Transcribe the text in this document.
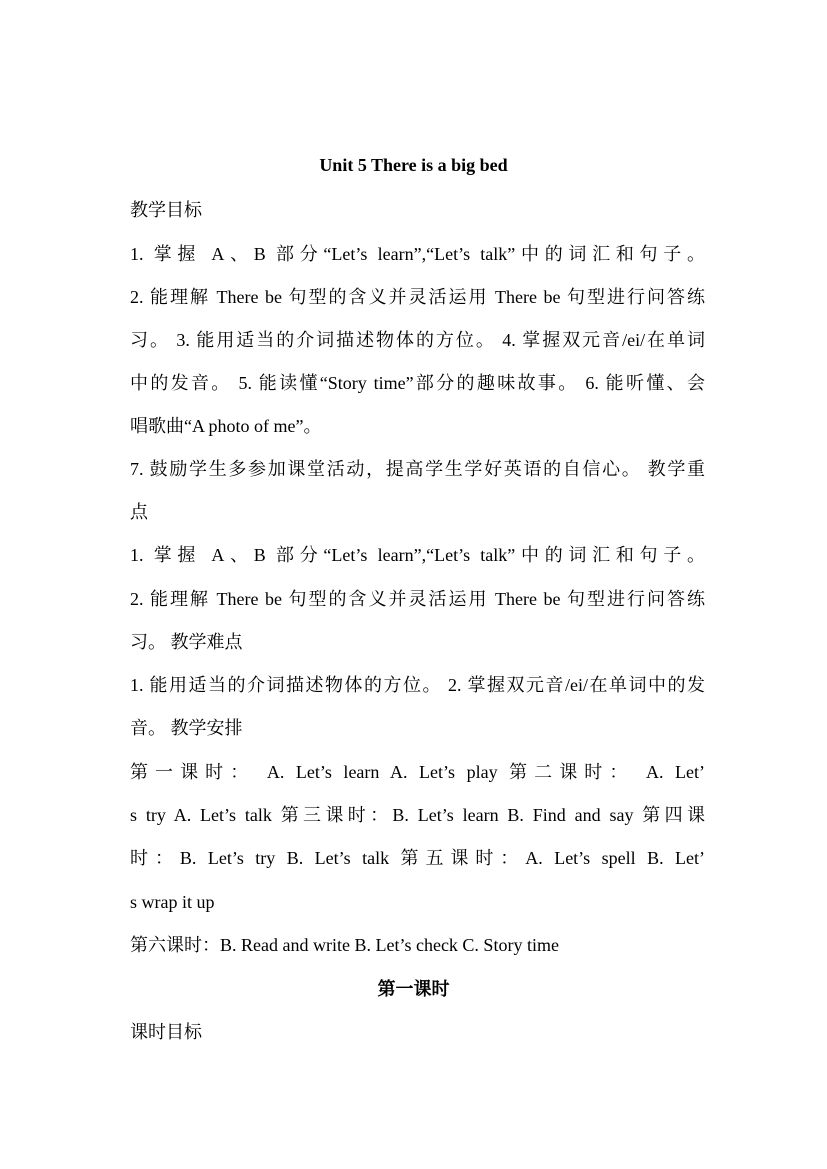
Unit 5 There is a big bed
教学目标
1. 掌握 A、B 部分“Let’s learn”,“Let’s talk”中的词汇和句子。
2. 能理解 There be 句型的含义并灵活运用 There be 句型进行问答练
习。 3. 能用适当的介词描述物体的方位。 4. 掌握双元音/ei/在单词
中的发音。 5. 能读懂“Story time”部分的趣味故事。 6. 能听懂、会
唱歌曲“A photo of me”。
7. 鼓励学生多参加课堂活动，提高学生学好英语的自信心。 教学重
点
1. 掌握 A、B 部分“Let’s learn”,“Let’s talk”中的词汇和句子。
2. 能理解 There be 句型的含义并灵活运用 There be 句型进行问答练
习。 教学难点
1. 能用适当的介词描述物体的方位。 2. 掌握双元音/ei/在单词中的发
音。 教学安排
第一课时： A. Let’s learn A. Let’s play 第二课时： A. Let’
s try A. Let’s talk 第三课时：B. Let’s learn B. Find and say 第四课
时：B. Let’s try B. Let’s talk 第五课时：A. Let’s spell B. Let’
s wrap it up
第六课时：B. Read and write B. Let’s check C. Story time
第一课时
课时目标
